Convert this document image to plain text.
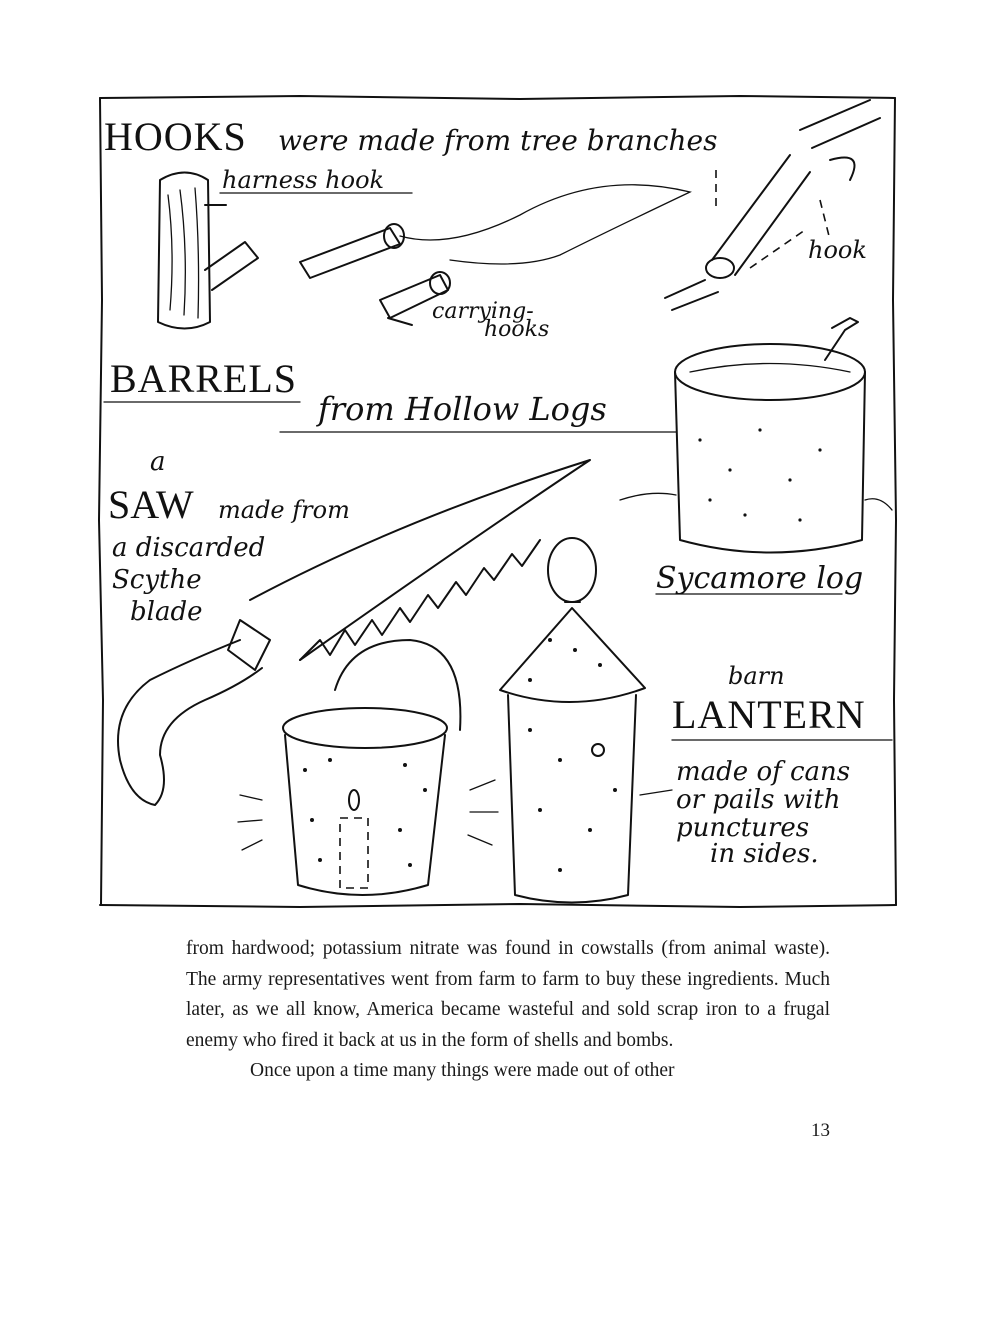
HOOKS were made from tree branches
harness hook
carrying-
hooks
hook
BARRELS
from Hollow Logs
Sycamore log
a
SAW made from
a discarded
Scythe
blade
barn
LANTERN
made of cans
or pails with
punctures
in sides.

from hardwood; potassium nitrate was found in cowstalls (from animal waste). The army representatives went from farm to farm to buy these ingredients. Much later, as we all know, America became wasteful and sold scrap iron to a frugal enemy who fired it back at us in the form of shells and bombs.

Once upon a time many things were made out of other

13
